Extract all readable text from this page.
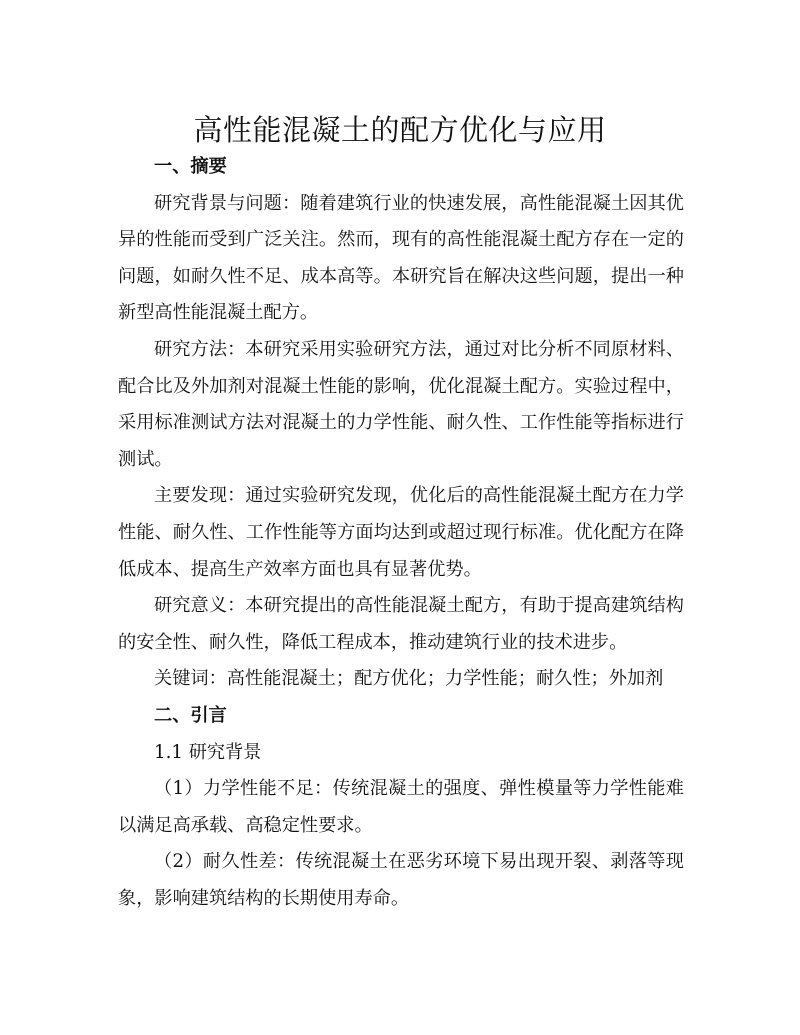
高性能混凝土的配方优化与应用
一、摘要

研究背景与问题：随着建筑行业的快速发展，高性能混凝土因其优异的性能而受到广泛关注。然而，现有的高性能混凝土配方存在一定的问题，如耐久性不足、成本高等。本研究旨在解决这些问题，提出一种新型高性能混凝土配方。

研究方法：本研究采用实验研究方法，通过对比分析不同原材料、配合比及外加剂对混凝土性能的影响，优化混凝土配方。实验过程中，采用标准测试方法对混凝土的力学性能、耐久性、工作性能等指标进行测试。

主要发现：通过实验研究发现，优化后的高性能混凝土配方在力学性能、耐久性、工作性能等方面均达到或超过现行标准。优化配方在降低成本、提高生产效率方面也具有显著优势。

研究意义：本研究提出的高性能混凝土配方，有助于提高建筑结构的安全性、耐久性，降低工程成本，推动建筑行业的技术进步。

关键词：高性能混凝土；配方优化；力学性能；耐久性；外加剂

二、引言

1.1 研究背景

（1）力学性能不足：传统混凝土的强度、弹性模量等力学性能难以满足高承载、高稳定性要求。

（2）耐久性差：传统混凝土在恶劣环境下易出现开裂、剥落等现象，影响建筑结构的长期使用寿命。
